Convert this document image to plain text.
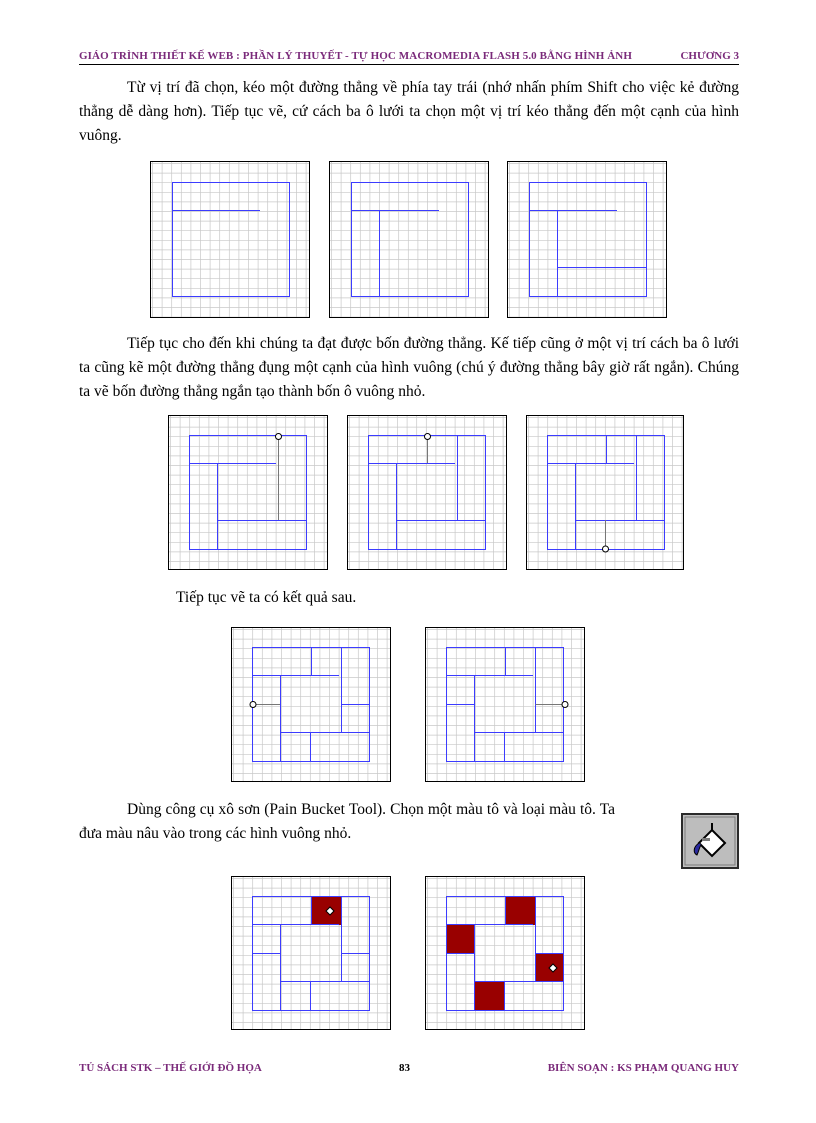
GIÁO TRÌNH THIẾT KẾ WEB : PHẦN LÝ THUYẾT - TỰ HỌC MACROMEDIA FLASH 5.0 BẰNG HÌNH ẢNH	CHƯƠNG 3

Từ vị trí đã chọn, kéo một đường thẳng về phía tay trái (nhớ nhấn phím Shift cho việc kẻ đường thẳng dễ dàng hơn). Tiếp tục vẽ, cứ cách ba ô lưới ta chọn một vị trí kéo thẳng đến một cạnh của hình vuông.

Tiếp tục cho đến khi chúng ta đạt được bốn đường thẳng. Kế tiếp cũng ở một vị trí cách ba ô lưới ta cũng kẽ một đường thẳng đụng một cạnh của hình vuông (chú ý đường thẳng bây giờ rất ngắn). Chúng ta vẽ bốn đường thẳng ngắn tạo thành bốn ô vuông nhỏ.

Tiếp tục vẽ ta có kết quả sau.

Dùng công cụ xô sơn (Pain Bucket Tool). Chọn một màu tô và loại màu tô. Ta đưa màu nâu vào trong các hình vuông nhỏ.

TỦ SÁCH STK – THẾ GIỚI ĐỒ HỌA	83	BIÊN SOẠN : KS PHẠM QUANG HUY
